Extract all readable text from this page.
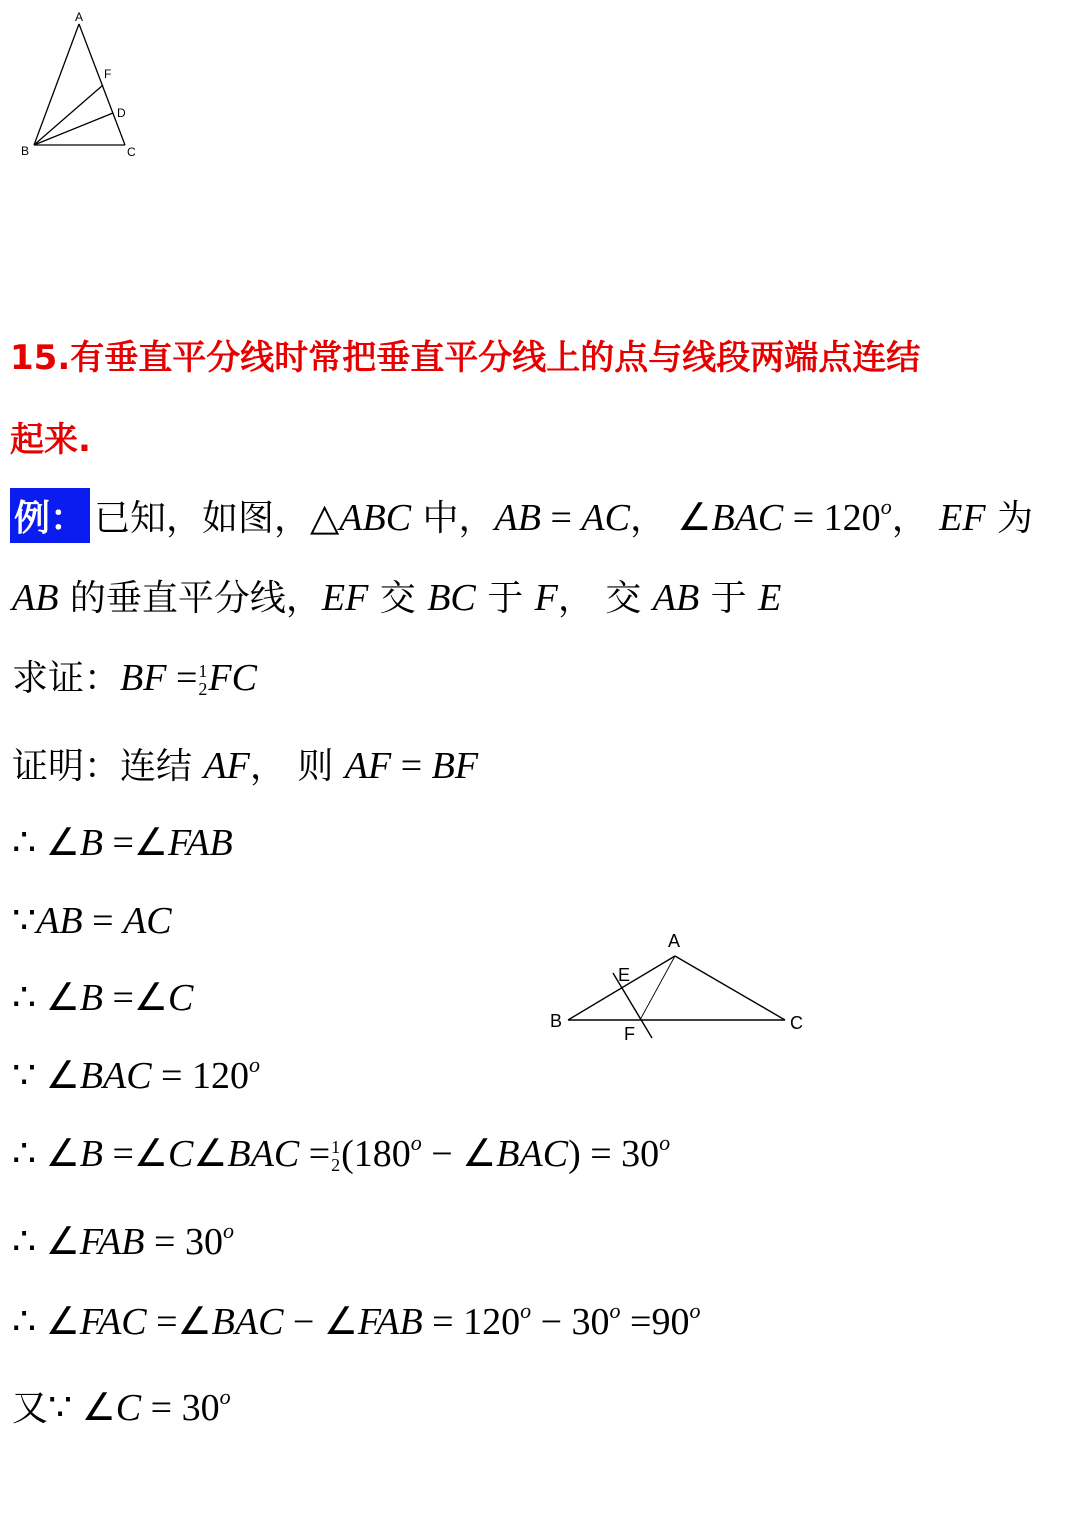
A
B	C
D
F
15.有垂直平分线时常把垂直平分线上的点与线段两端点连结
起来.
例： 已知，如图，△ABC 中，AB = AC， ∠BAC = $120^o$， EF 为
AB 的垂直平分线，EF 交 BC 于 F， 交 AB 于 E
求证：BF = 1
2 FC
证明：连结 AF， 则 AF = BF
∴ ∠B =∠FAB
∵AB = AC
∴ ∠B =∠C
∵ ∠BAC = $120^o$
∴ ∠B =∠C∠BAC = 1
2 ($180^o$ − ∠BAC) = $30^o$
∴ ∠FAB = $30^o$
∴ ∠FAC =∠BAC − ∠FAB = $120^o - 30^o =90^o$
又∵ ∠C = $30^o$
A
B	C
E
F
